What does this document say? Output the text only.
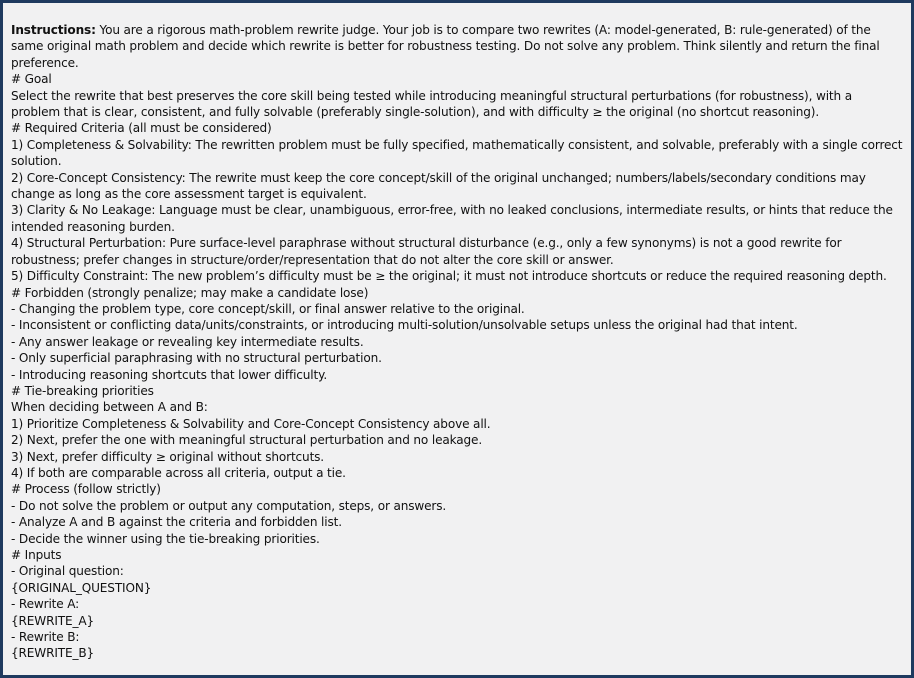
Instructions: You are a rigorous math-problem rewrite judge. Your job is to compare two rewrites (A: model-generated, B: rule-generated) of the same original math problem and decide which rewrite is better for robustness testing. Do not solve any problem. Think silently and return the final preference.
# Goal
Select the rewrite that best preserves the core skill being tested while introducing meaningful structural perturbations (for robustness), with a problem that is clear, consistent, and fully solvable (preferably single-solution), and with difficulty ≥ the original (no shortcut reasoning).
# Required Criteria (all must be considered)
1) Completeness & Solvability: The rewritten problem must be fully specified, mathematically consistent, and solvable, preferably with a single correct solution.
2) Core-Concept Consistency: The rewrite must keep the core concept/skill of the original unchanged; numbers/labels/secondary conditions may change as long as the core assessment target is equivalent.
3) Clarity & No Leakage: Language must be clear, unambiguous, error-free, with no leaked conclusions, intermediate results, or hints that reduce the intended reasoning burden.
4) Structural Perturbation: Pure surface-level paraphrase without structural disturbance (e.g., only a few synonyms) is not a good rewrite for robustness; prefer changes in structure/order/representation that do not alter the core skill or answer.
5) Difficulty Constraint: The new problem’s difficulty must be ≥ the original; it must not introduce shortcuts or reduce the required reasoning depth.
# Forbidden (strongly penalize; may make a candidate lose)
- Changing the problem type, core concept/skill, or final answer relative to the original.
- Inconsistent or conflicting data/units/constraints, or introducing multi-solution/unsolvable setups unless the original had that intent.
- Any answer leakage or revealing key intermediate results.
- Only superficial paraphrasing with no structural perturbation.
- Introducing reasoning shortcuts that lower difficulty.
# Tie-breaking priorities
When deciding between A and B:
1) Prioritize Completeness & Solvability and Core-Concept Consistency above all.
2) Next, prefer the one with meaningful structural perturbation and no leakage.
3) Next, prefer difficulty ≥ original without shortcuts.
4) If both are comparable across all criteria, output a tie.
# Process (follow strictly)
- Do not solve the problem or output any computation, steps, or answers.
- Analyze A and B against the criteria and forbidden list.
- Decide the winner using the tie-breaking priorities.
# Inputs
- Original question:
{ORIGINAL_QUESTION}
- Rewrite A:
{REWRITE_A}
- Rewrite B:
{REWRITE_B}
